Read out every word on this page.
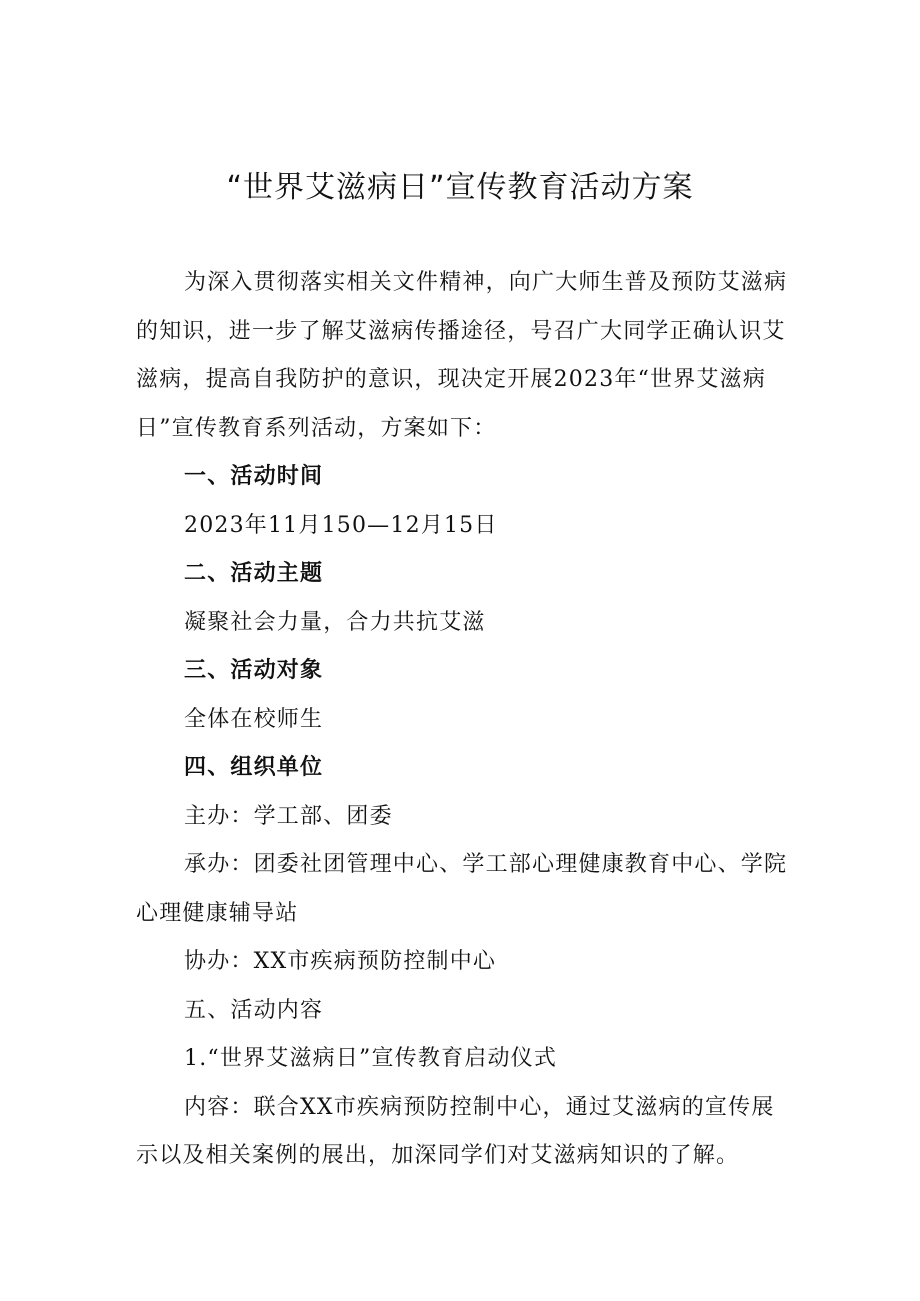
“世界艾滋病日”宣传教育活动方案

为深入贯彻落实相关文件精神，向广大师生普及预防艾滋病的知识，进一步了解艾滋病传播途径，号召广大同学正确认识艾滋病，提高自我防护的意识，现决定开展2023年“世界艾滋病日”宣传教育系列活动，方案如下：

一、活动时间

2023年11月150—12月15日

二、活动主题

凝聚社会力量，合力共抗艾滋

三、活动对象

全体在校师生

四、组织单位

主办：学工部、团委

承办：团委社团管理中心、学工部心理健康教育中心、学院心理健康辅导站

协办：XX市疾病预防控制中心

五、活动内容

1.“世界艾滋病日”宣传教育启动仪式

内容：联合XX市疾病预防控制中心，通过艾滋病的宣传展示以及相关案例的展出，加深同学们对艾滋病知识的了解。
